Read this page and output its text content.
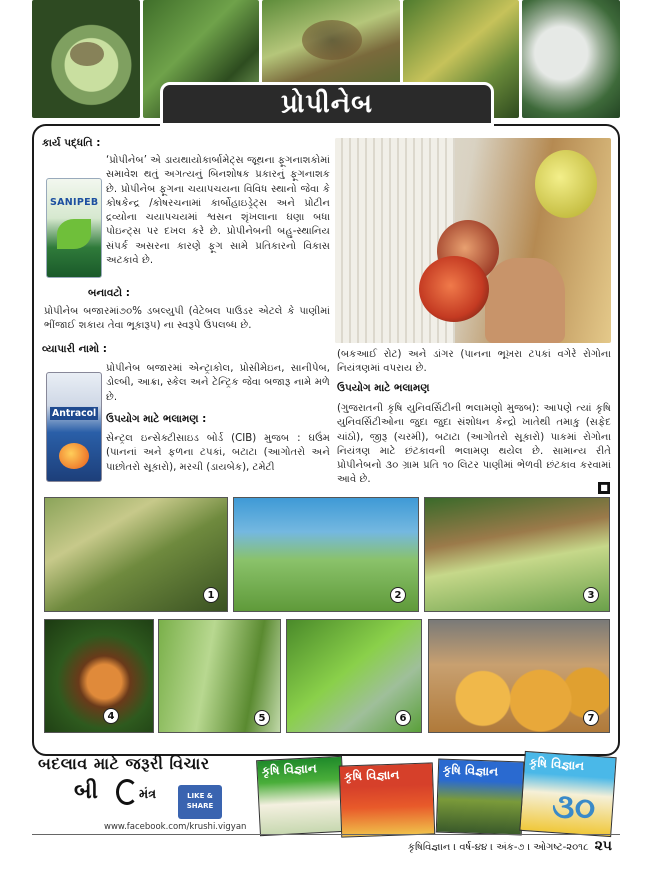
પ્રોપીનેબ
કાર્ય પદ્ધતિ :
‘પ્રોપીનેબ’ એ ડાયથાયોકાર્બામેટ્સ જૂથના ફૂગનાશકોમાં સમાવેશ થતું અગત્યનું બિનશોષક પ્રકારનું ફૂગનાશક છે. પ્રોપીનેબ ફૂગના ચયાપચયના વિવિધ સ્થાનો જેવા કે કોષકેન્દ્ર /કોષરચનામાં કાર્બોહાઇડ્રેટ્સ અને પ્રોટીન દ્રવ્યોના ચયાપચયમાં શ્વસન શૃંખલાના ઘણા બધા પોઇન્ટ્સ પર દખલ કરે છે. પ્રોપીનેબની બહુ-સ્થાનિય સંપર્ક અસરના કારણે ફૂગ સામે પ્રતિકારનો વિકાસ અટકાવે છે.
SANIPEB
બનાવટો :
પ્રોપીનેબ બજારમાં૭૦% ડબલ્યુપી (વેટેબલ પાઉડર એટલે કે પાણીમાં ભીંજાઈ શકાય તેવા ભૂકારૂપ) ના સ્વરૂપે ઉપલબ્ધ છે.
વ્યાપારી નામો :
પ્રોપીનેબ બજારમાં એન્ટ્રાકોલ, પ્રોસીમેઇન, સાનીપેબ, ડોલ્બી, આક્રા, સ્કેલ અને ટેન્ટ્રિક જેવા બજારૂ નામે મળે છે.
Antracol ઉપયોગ માટે ભલામણ :
સેન્ટ્રલ ઇન્સેક્ટીસાઇડ બોર્ડ (CIB) મુજબ : ઘઉંમ (પાનનાં અને ફળના ટપકાં, બટાટા (આગોતરો અને પાછોતરો સૂકારો), મરચી (ડાયબેક), ટમેટી
(બકઆઈ રોટ) અને ડાંગર (પાનના ભૂખરા ટપકાં વગેરે રોગોના નિયંત્રણમાં વપરાય છે.
ઉપયોગ માટે ભલામણ
(ગુજરાતની કૃષિ યુનિવર્સિટીની ભલામણો મુજબ): આપણે ત્યાં કૃષિ યુનિવર્સિટીઓના જુદા જુદા સંશોધન કેન્દ્રો ખાતેથી તમાકુ (સફેદ ચાંઠો), જીરૂ (ચરમી), બટાટા (આગોતરો સૂકારો) પાકમાં રોગોના નિયંત્રણ માટે છંટકાવની ભલામણ થયેલ છે. સામાન્ય રીતે પ્રોપીનેબનો ૩૦ ગ્રામ પ્રતિ ૧૦ લિટર પાણીમાં ભેળવી છંટકાવ કરવામાં આવે છે.
■
1	2	3
4	5	6	7
બદલાવ માટે જરૂરી વિચાર
બી	મંત્ર	LIKE & SHARE
www.facebook.com/krushi.vigyan
કૃષિ વિજ્ઞાન કૃષિ વિજ્ઞાન	કૃષિ વિજ્ઞાન	કૃષિ વિજ્ઞાન
૩૦
કૃષિવિજ્ઞાન । વર્ષ-૪૪ । અંક-૭ । ઓગષ્ટ-૨૦૧૮ ૨૫
